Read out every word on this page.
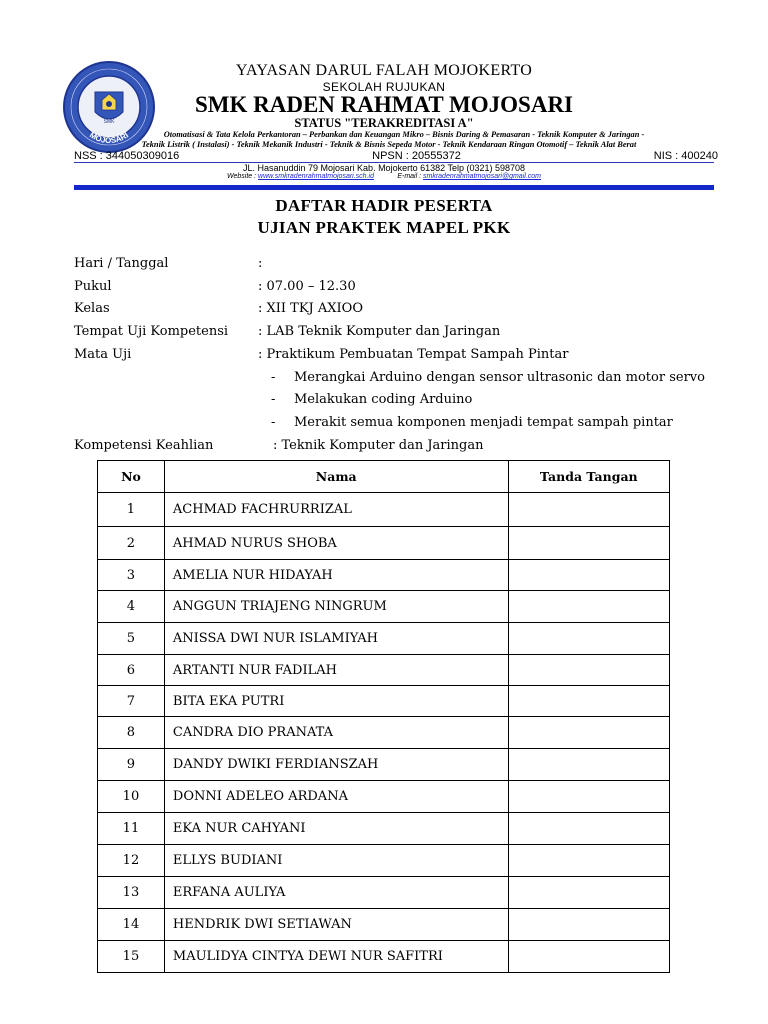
SMK
MOJOSARI
YAYASAN DARUL FALAH MOJOKERTO
SEKOLAH RUJUKAN
SMK RADEN RAHMAT MOJOSARI
STATUS "TERAKREDITASI A"
Otomatisasi & Tata Kelola Perkantoran – Perbankan dan Keuangan Mikro – Bisnis Daring & Pemasaran - Teknik Komputer & Jaringan -
Teknik Listrik ( Instalasi) - Teknik Mekanik Industri - Teknik & Bisnis Sepeda Motor - Teknik Kendaraan Ringan Otomotif – Teknik Alat Berat
NSS : 344050309016	NPSN : 20555372	NIS : 400240
JL. Hasanuddin 79 Mojosari Kab. Mojokerto 61382 Telp (0321) 598708
Website : www.smkradenrahmatmojosari.sch.id	E-mail : smkradenrahmatmojosari@gmail.com
DAFTAR HADIR PESERTA
UJIAN PRAKTEK MAPEL PKK
Hari / Tanggal	:
Pukul	: 07.00 – 12.30
Kelas	: XII TKJ AXIOO
Tempat Uji Kompetensi : LAB Teknik Komputer dan Jaringan
Mata Uji	: Praktikum Pembuatan Tempat Sampah Pintar
- Merangkai Arduino dengan sensor ultrasonic dan motor servo
- Melakukan coding Arduino
- Merakit semua komponen menjadi tempat sampah pintar
Kompetensi Keahlian	: Teknik Komputer dan Jaringan
No	Nama	Tanda Tangan
1	ACHMAD FACHRURRIZAL	
2	AHMAD NURUS SHOBA	
3	AMELIA NUR HIDAYAH	
4	ANGGUN TRIAJENG NINGRUM	
5	ANISSA DWI NUR ISLAMIYAH	
6	ARTANTI NUR FADILAH	
7	BITA EKA PUTRI	
8	CANDRA DIO PRANATA	
9	DANDY DWIKI FERDIANSZAH	
10	DONNI ADELEO ARDANA	
11	EKA NUR CAHYANI	
12	ELLYS BUDIANI	
13	ERFANA AULIYA	
14	HENDRIK DWI SETIAWAN	
15	MAULIDYA CINTYA DEWI NUR SAFITRI	
